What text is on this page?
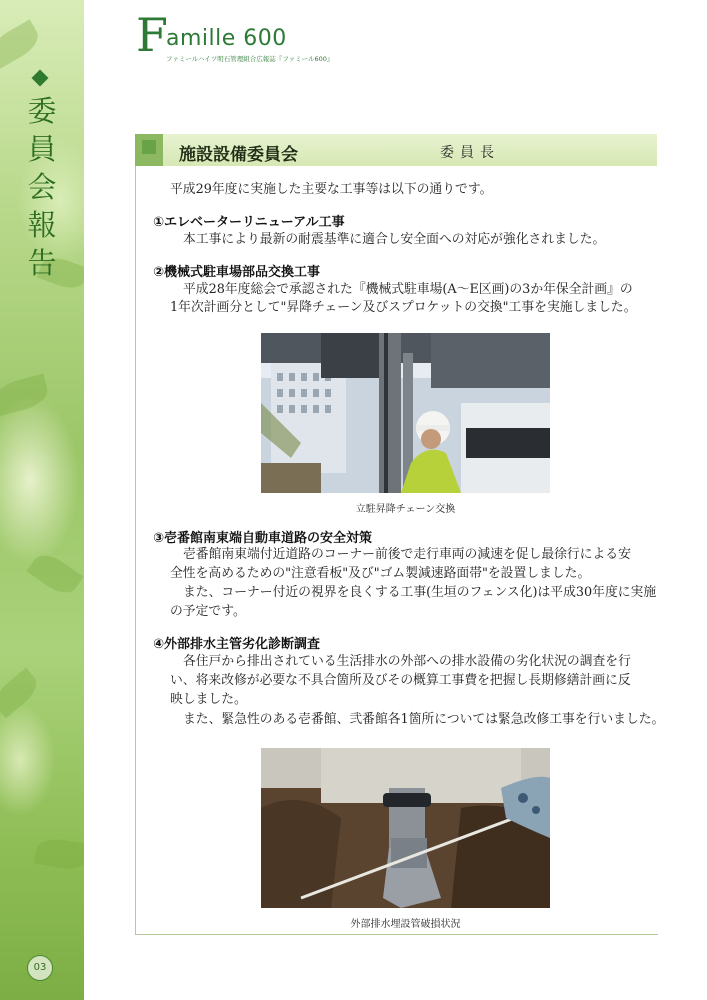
委員会報告
03
F
amille 600
ファミールハイツ明石管理組合広報誌『ファミール600』
施設設備委員会	委員長
平成29年度に実施した主要な工事等は以下の通りです。
①エレベーターリニューアル工事
本工事により最新の耐震基準に適合し安全面への対応が強化されました。
②機械式駐車場部品交換工事
平成28年度総会で承認された『機械式駐車場(A～E区画)の3か年保全計画』の
1年次計画分として"昇降チェーン及びスプロケットの交換"工事を実施しました。
立駐昇降チェーン交換
③壱番館南東端自動車道路の安全対策
壱番館南東端付近道路のコーナー前後で走行車両の減速を促し最徐行による安
全性を高めるための"注意看板"及び"ゴム製減速路面帯"を設置しました。
また、コーナー付近の視界を良くする工事(生垣のフェンス化)は平成30年度に実施
の予定です。
④外部排水主管劣化診断調査
各住戸から排出されている生活排水の外部への排水設備の劣化状況の調査を行
い、将来改修が必要な不具合箇所及びその概算工事費を把握し長期修繕計画に反
映しました。
また、緊急性のある壱番館、弐番館各1箇所については緊急改修工事を行いました。
外部排水埋設管破損状況
